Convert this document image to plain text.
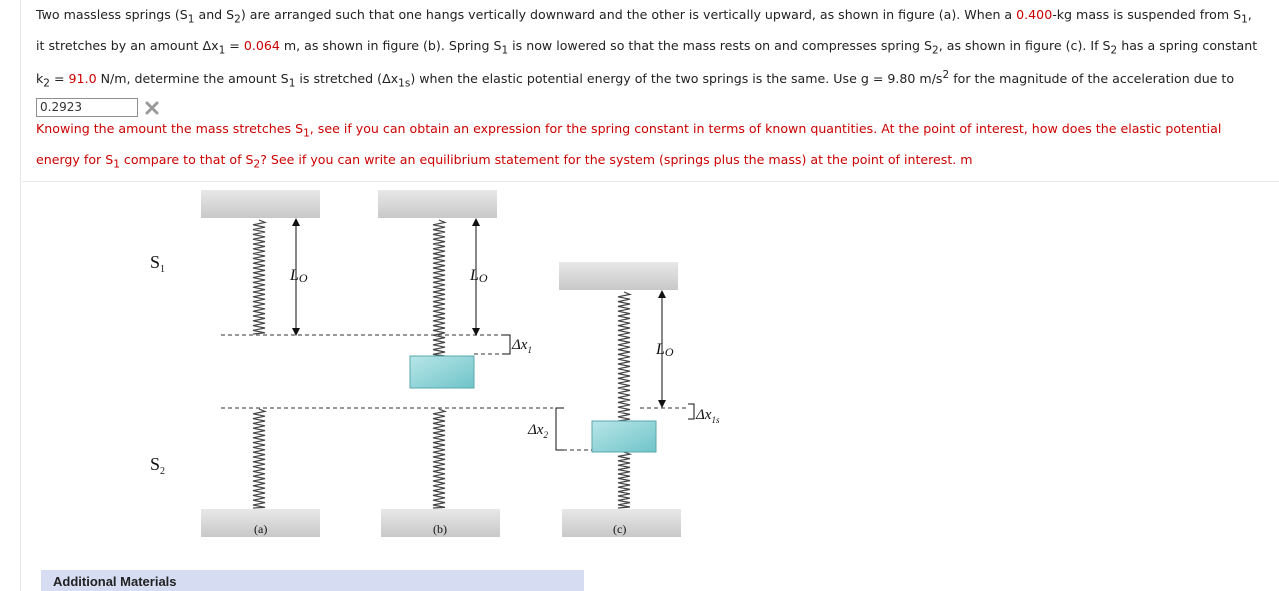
Two massless springs ($S_1$ and $S_2$) are arranged such that one hangs vertically downward and the other is vertically upward, as shown in figure (a). When a 0.400-kg mass is suspended from $S_1$, it stretches by an amount $\Delta x_1 = 0.064$ m, as shown in figure (b). Spring $S_1$ is now lowered so that the mass rests on and compresses spring $S_2$, as shown in figure (c). If $S_2$ has a spring constant $k_2 = 91.0$ N/m, determine the amount $S_1$ is stretched $(\Delta x_{1s})$ when the elastic potential energy of the two springs is the same. Use g = 9.80 $m/s^2$ for the magnitude of the acceleration due to
0.2923
Knowing the amount the mass stretches $S_1$, see if you can obtain an expression for the spring constant in terms of known quantities. At the point of interest, how does the elastic potential energy for $S_1$ compare to that of $S_2$? See if you can write an equilibrium statement for the system (springs plus the mass) at the point of interest. m
$S_1$
$S_2$
LO	LO
LO
$\Delta x_1$
$\Delta x_2$
$\Delta x_{1s}$
(a)	(b)	(c)
Additional Materials
